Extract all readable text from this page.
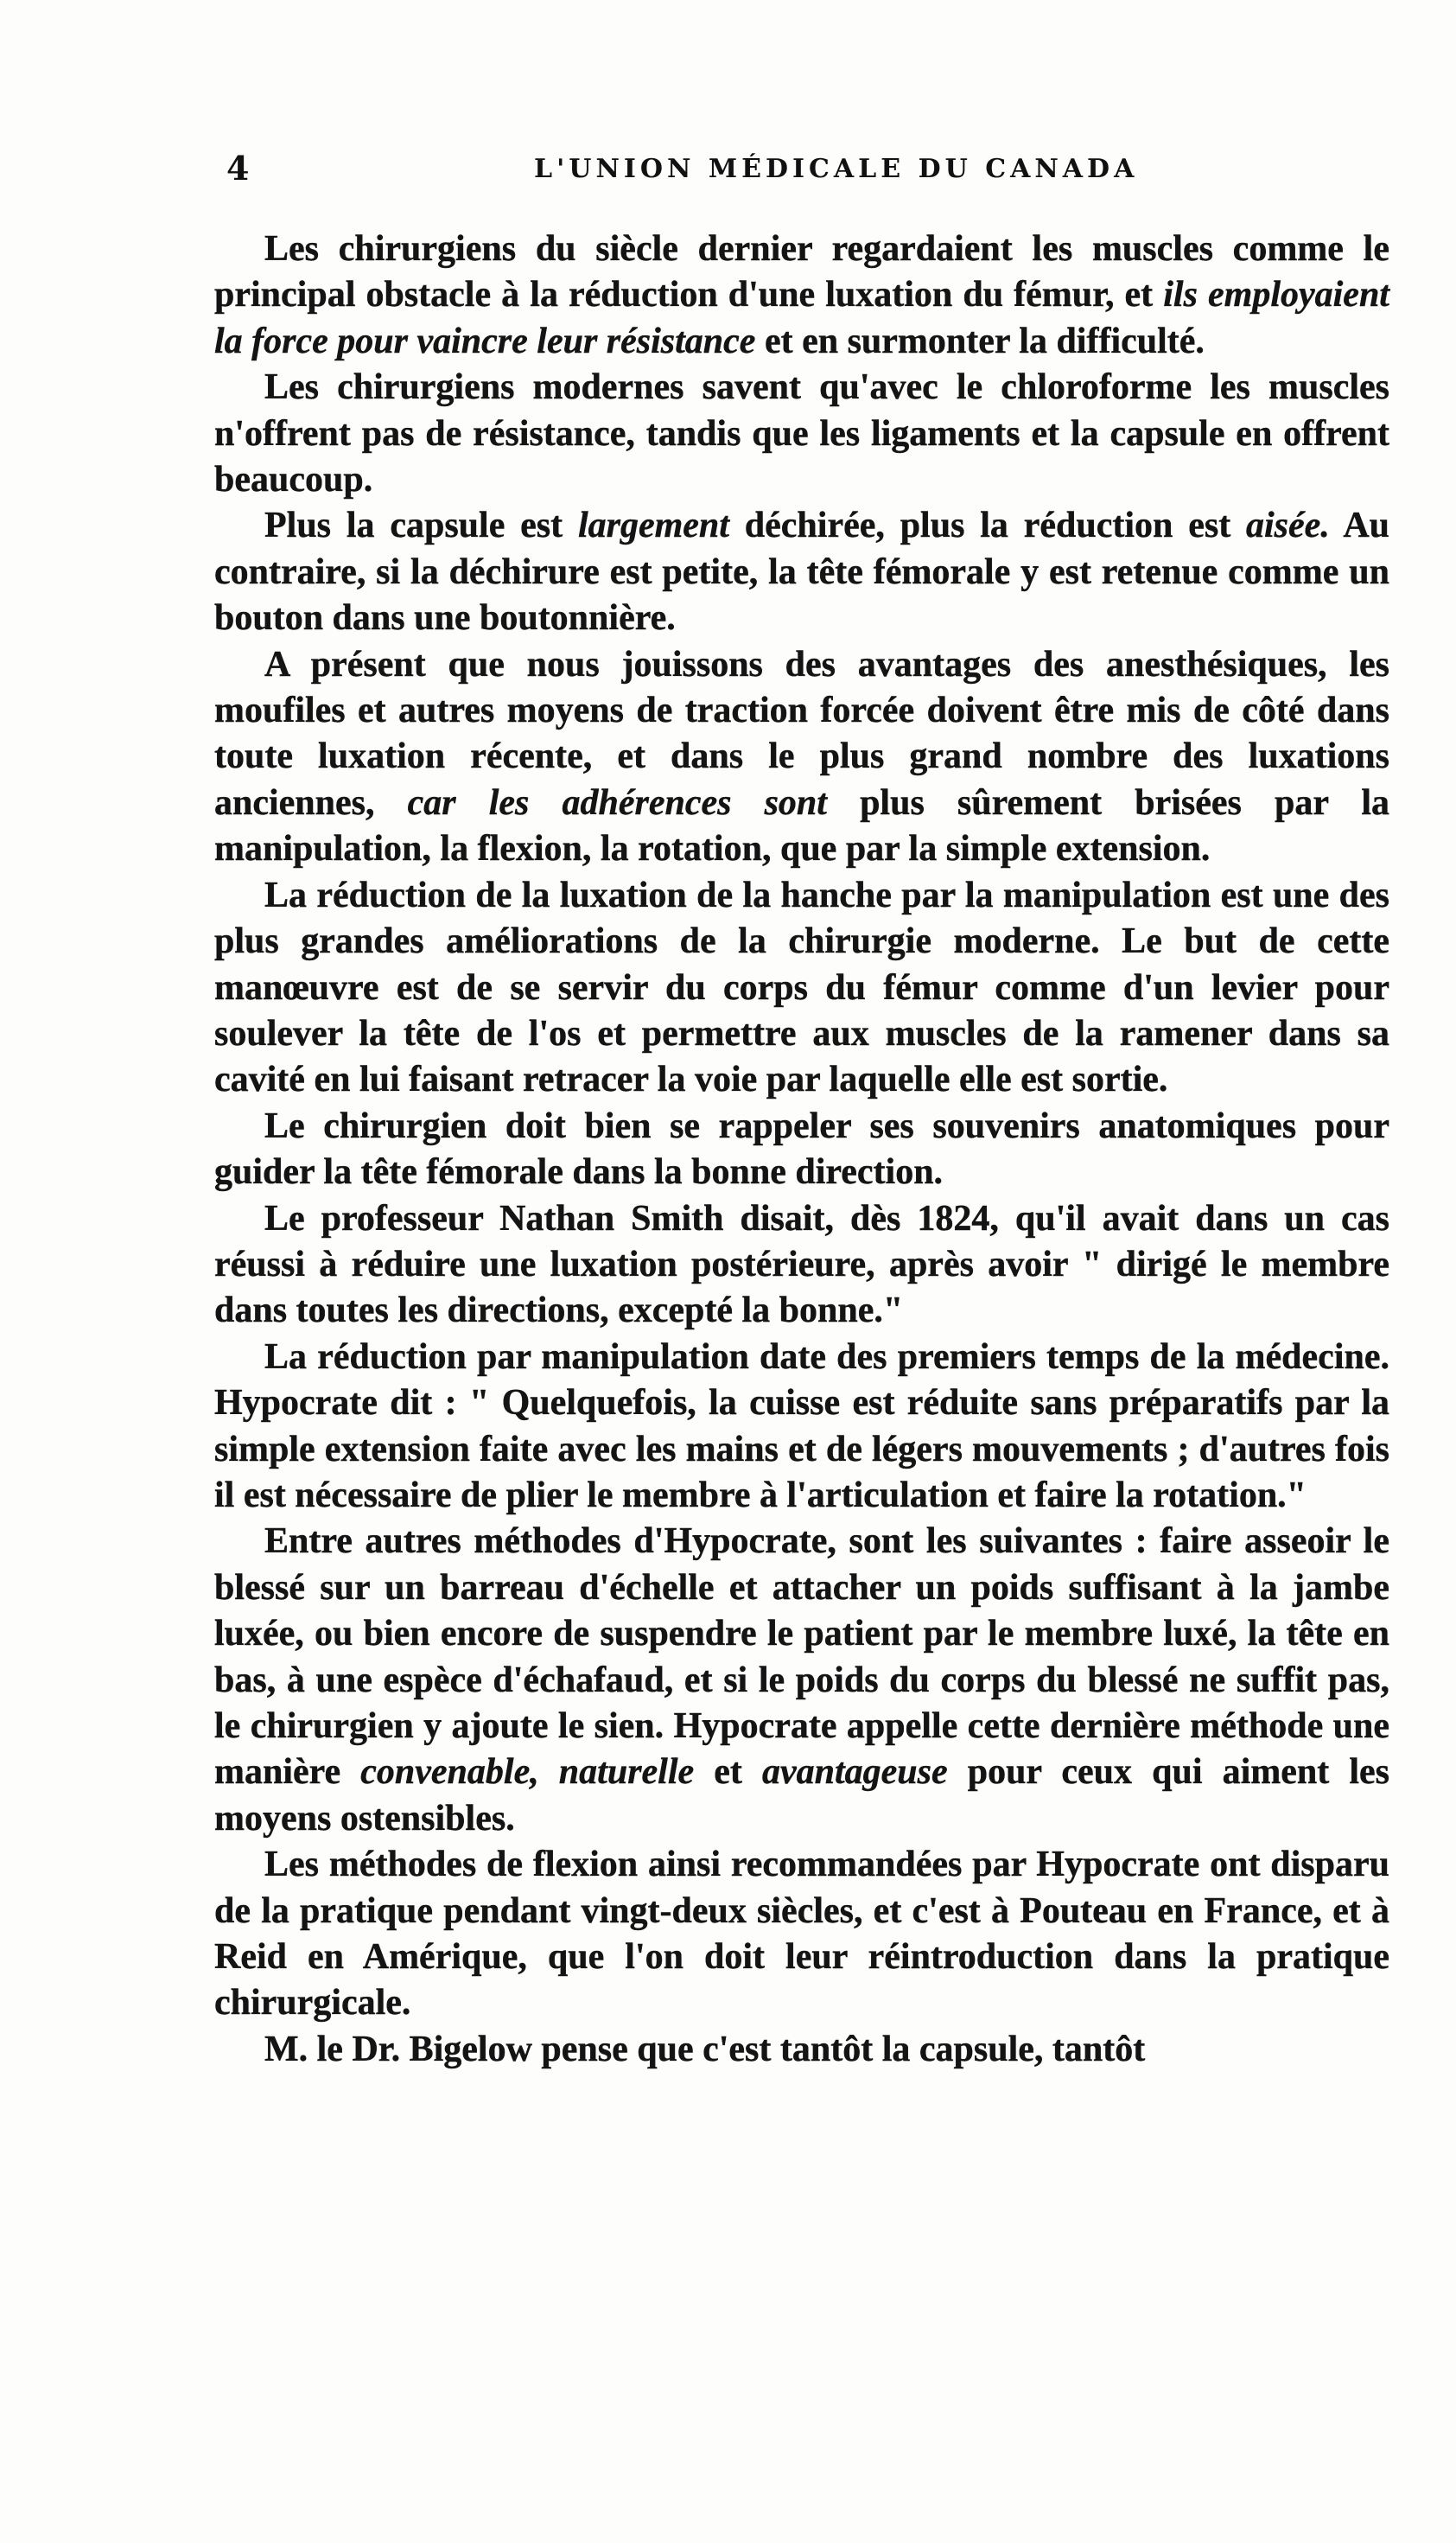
4	L'UNION MÉDICALE DU CANADA

Les chirurgiens du siècle dernier regardaient les muscles comme le principal obstacle à la réduction d'une luxation du fémur, et ils employaient la force pour vaincre leur résistance et en surmonter la difficulté.

Les chirurgiens modernes savent qu'avec le chloroforme les muscles n'offrent pas de résistance, tandis que les ligaments et la capsule en offrent beaucoup.

Plus la capsule est largement déchirée, plus la réduction est aisée. Au contraire, si la déchirure est petite, la tête fémorale y est retenue comme un bouton dans une boutonnière.

A présent que nous jouissons des avantages des anesthésiques, les moufiles et autres moyens de traction forcée doivent être mis de côté dans toute luxation récente, et dans le plus grand nombre des luxations anciennes, car les adhérences sont plus sûrement brisées par la manipulation, la flexion, la rotation, que par la simple extension.

La réduction de la luxation de la hanche par la manipulation est une des plus grandes améliorations de la chirurgie moderne. Le but de cette manœuvre est de se servir du corps du fémur comme d'un levier pour soulever la tête de l'os et permettre aux muscles de la ramener dans sa cavité en lui faisant retracer la voie par laquelle elle est sortie.

Le chirurgien doit bien se rappeler ses souvenirs anatomiques pour guider la tête fémorale dans la bonne direction.

Le professeur Nathan Smith disait, dès 1824, qu'il avait dans un cas réussi à réduire une luxation postérieure, après avoir " dirigé le membre dans toutes les directions, excepté la bonne."

La réduction par manipulation date des premiers temps de la médecine. Hypocrate dit : " Quelquefois, la cuisse est réduite sans préparatifs par la simple extension faite avec les mains et de légers mouvements ; d'autres fois il est nécessaire de plier le membre à l'articulation et faire la rotation."

Entre autres méthodes d'Hypocrate, sont les suivantes : faire asseoir le blessé sur un barreau d'échelle et attacher un poids suffisant à la jambe luxée, ou bien encore de suspendre le patient par le membre luxé, la tête en bas, à une espèce d'échafaud, et si le poids du corps du blessé ne suffit pas, le chirurgien y ajoute le sien. Hypocrate appelle cette dernière méthode une manière convenable, naturelle et avantageuse pour ceux qui aiment les moyens ostensibles.

Les méthodes de flexion ainsi recommandées par Hypocrate ont disparu de la pratique pendant vingt-deux siècles, et c'est à Pouteau en France, et à Reid en Amérique, que l'on doit leur réintroduction dans la pratique chirurgicale.

M. le Dr. Bigelow pense que c'est tantôt la capsule, tantôt
